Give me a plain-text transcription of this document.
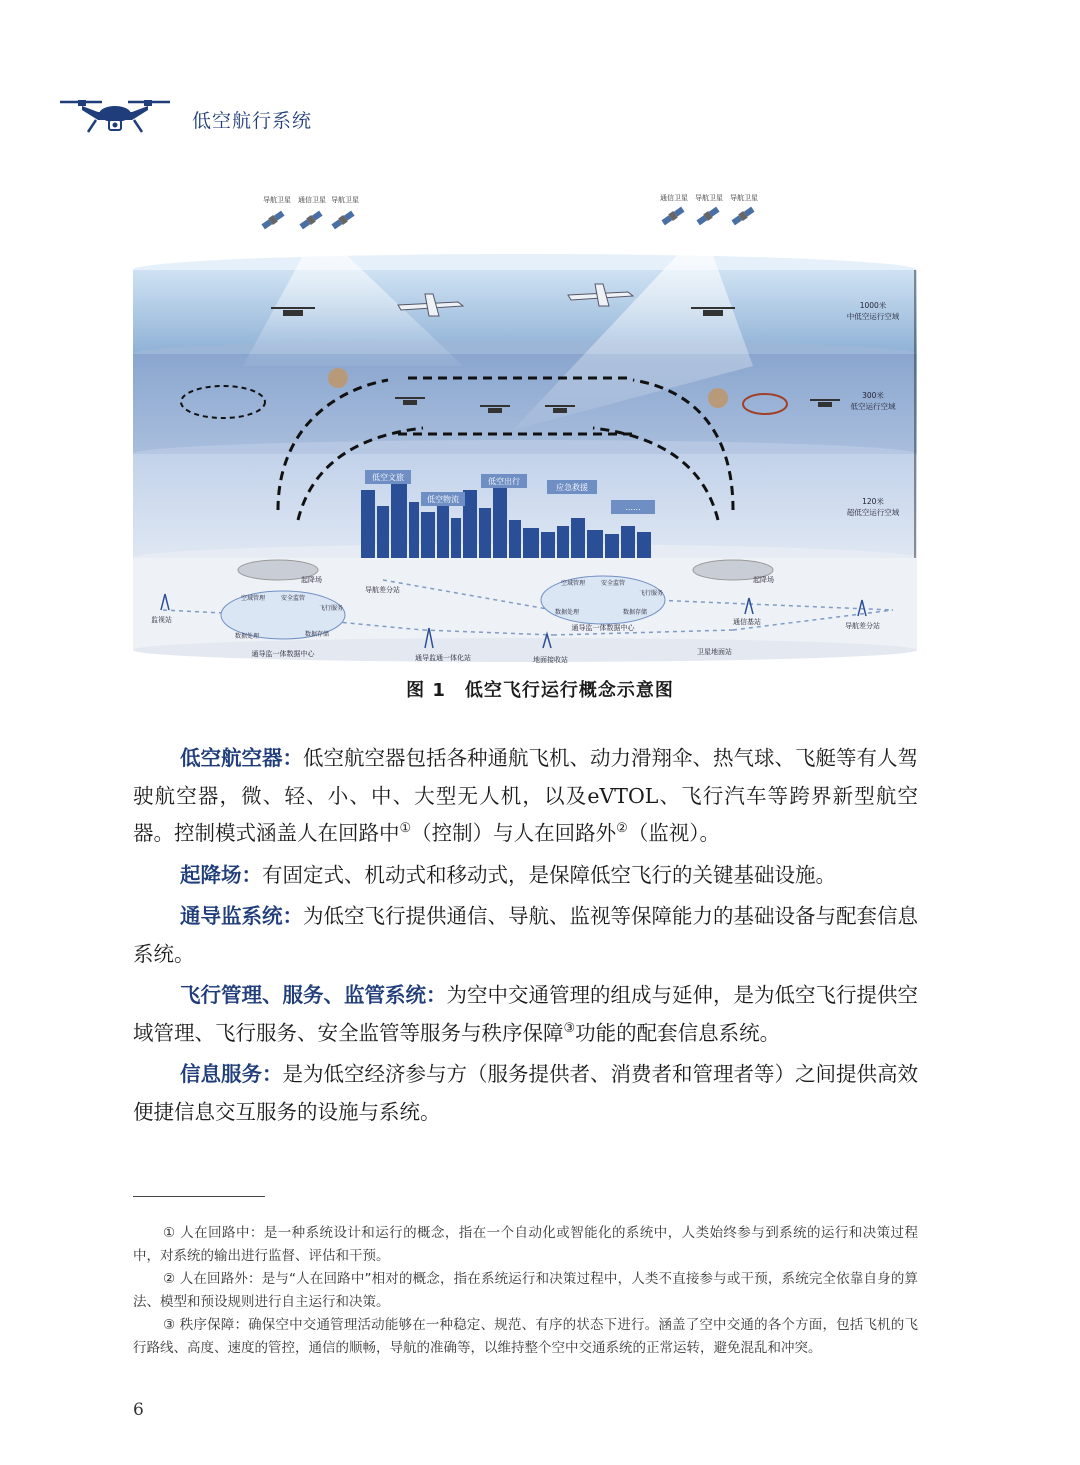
低空航行系统
导航卫星 通信卫星 导航卫星	通信卫星 导航卫星 导航卫星
1000米
中低空运行空域
300米
低空运行空域
120米
超低空运行空域
低空文旅
低空物流
低空出行
应急救援
......
起降场	起降场
空域管理	安全监管
飞行服务
数据处理	数据存储
通导监一体数据中心
空域管理	安全监管
飞行服务
数据处理	数据存储
通导监一体数据中心
监视站
导航差分站
通导监通一体化站	地面接收站
通信基站
卫星地面站
导航差分站
图 1　低空飞行运行概念示意图

低空航空器：低空航空器包括各种通航飞机、动力滑翔伞、热气球、飞艇等有人驾驶航空器，微、轻、小、中、大型无人机，以及eVTOL、飞行汽车等跨界新型航空器。控制模式涵盖人在回路中①（控制）与人在回路外②（监视）。

起降场：有固定式、机动式和移动式，是保障低空飞行的关键基础设施。

通导监系统：为低空飞行提供通信、导航、监视等保障能力的基础设备与配套信息系统。

飞行管理、服务、监管系统：为空中交通管理的组成与延伸，是为低空飞行提供空域管理、飞行服务、安全监管等服务与秩序保障③功能的配套信息系统。

信息服务：是为低空经济参与方（服务提供者、消费者和管理者等）之间提供高效便捷信息交互服务的设施与系统。

① 人在回路中：是一种系统设计和运行的概念，指在一个自动化或智能化的系统中，人类始终参与到系统的运行和决策过程中，对系统的输出进行监督、评估和干预。

② 人在回路外：是与“人在回路中”相对的概念，指在系统运行和决策过程中，人类不直接参与或干预，系统完全依靠自身的算法、模型和预设规则进行自主运行和决策。

③ 秩序保障：确保空中交通管理活动能够在一种稳定、规范、有序的状态下进行。涵盖了空中交通的各个方面，包括飞机的飞行路线、高度、速度的管控，通信的顺畅，导航的准确等，以维持整个空中交通系统的正常运转，避免混乱和冲突。

6
